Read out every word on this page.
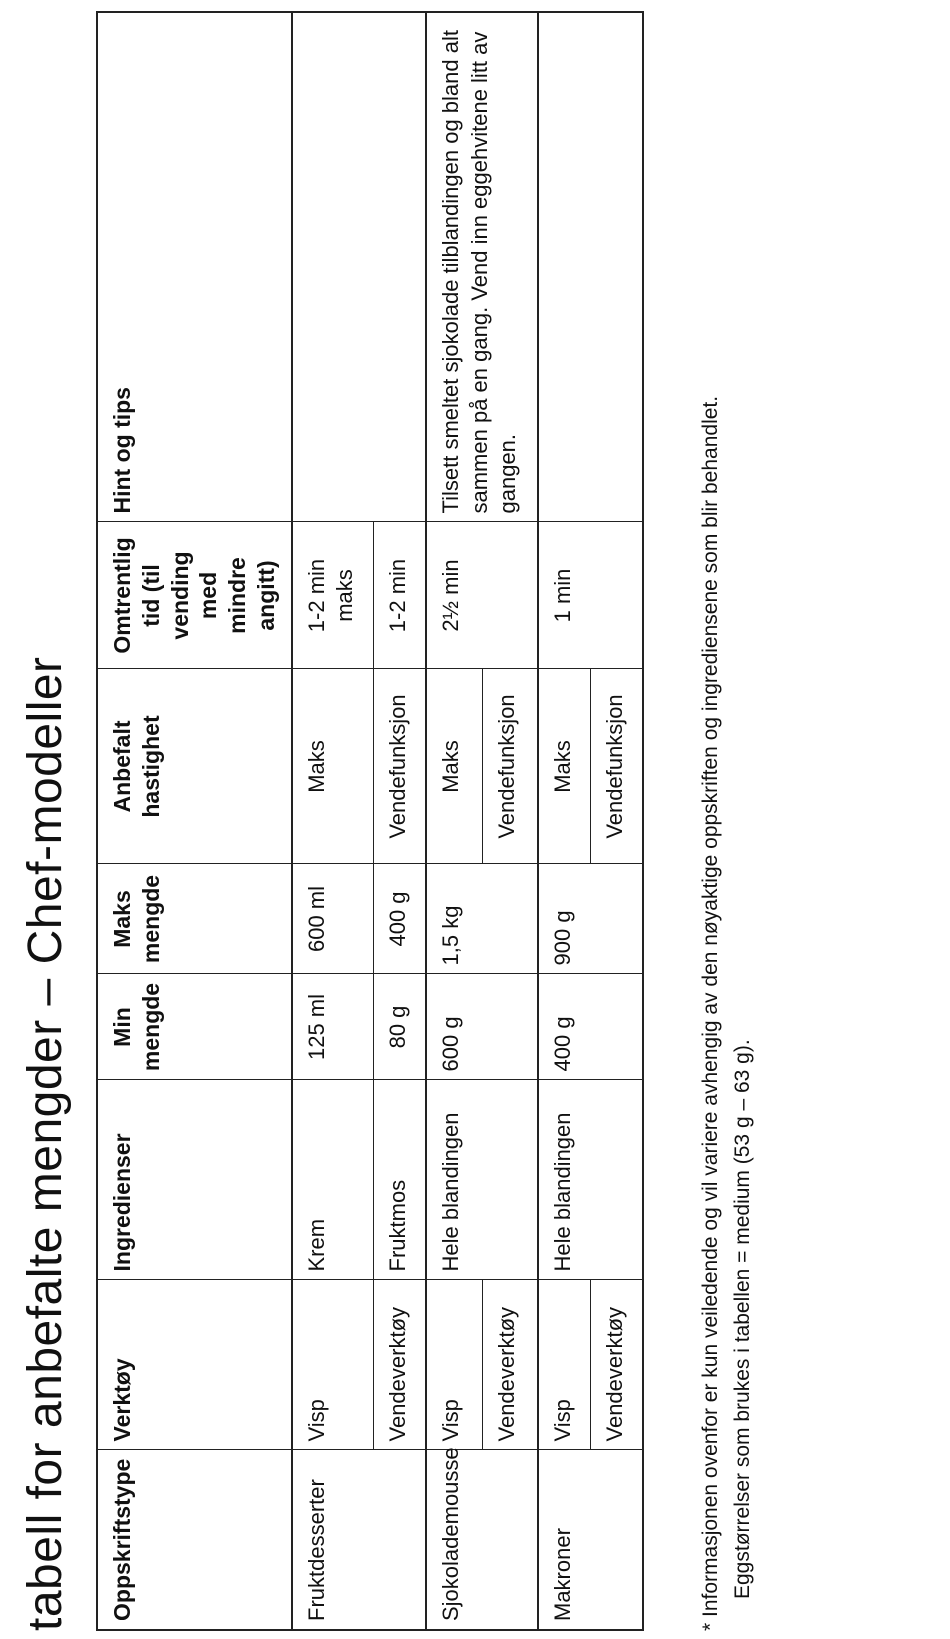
tabell for anbefalte mengder – Chef-modeller Oppskriftstype	Verktøy	Ingredienser	Min mengde	Maks mengde	Anbefalt hastighet	Omtrentlig tid (til vending med mindre angitt)	Hint og tips
Fruktdesserter	Visp	Krem	125 ml	600 ml	Maks	1-2 min maks	
	Vendeverktøy	Fruktmos	80 g	400 g	Vendefunksjon	1-2 min	
Sjokolademousse	Visp	Hele blandingen	600 g	1,5 kg	Maks	2½ min	Tilsett smeltet sjokolade tilblandingen og bland alt sammen på en gang. Vend inn eggehvitene litt av gangen.
	Vendeverktøy				Vendefunksjon		
Makroner	Visp	Hele blandingen	400 g	900 g	Maks	1 min	
	Vendeverktøy				Vendefunksjon			* Informasjonen ovenfor er kun veiledende og vil variere avhengig av den nøyaktige oppskriften og ingrediensene som blir behandlet. Eggstørrelser som brukes i tabellen = medium (53 g – 63 g).
